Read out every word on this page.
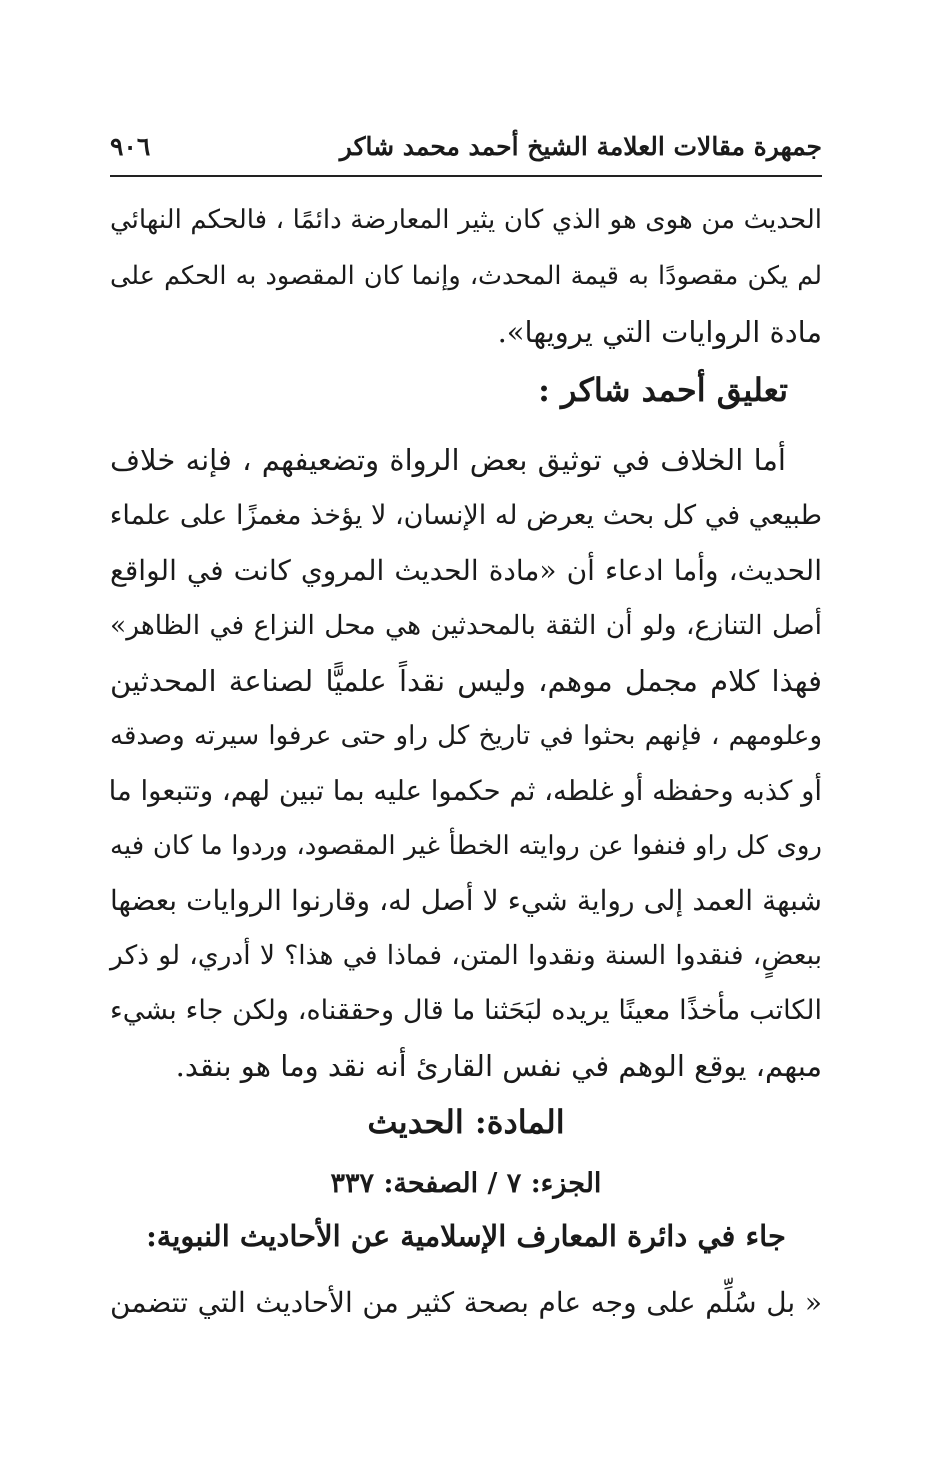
جمهرة مقالات العلامة الشيخ أحمد محمد شاكر
٩٠٦
الحديث من هوى هو الذي كان يثير المعارضة دائمًا ، فالحكم النهائي
لم يكن مقصودًا به قيمة المحدث، وإنما كان المقصود به الحكم على
مادة الروايات التي يرويها».
تعليق أحمد شاكر :
أما الخلاف في توثيق بعض الرواة وتضعيفهم ، فإنه خلاف
طبيعي في كل بحث يعرض له الإنسان، لا يؤخذ مغمزًا على علماء
الحديث، وأما ادعاء أن «مادة الحديث المروي كانت في الواقع
أصل التنازع، ولو أن الثقة بالمحدثين هي محل النزاع في الظاهر»
فهذا كلام مجمل موهم، وليس نقداً علميًّا لصناعة المحدثين
وعلومهم ، فإنهم بحثوا في تاريخ كل راو حتى عرفوا سيرته وصدقه
أو كذبه وحفظه أو غلطه، ثم حكموا عليه بما تبين لهم، وتتبعوا ما
روى كل راو فنفوا عن روايته الخطأ غير المقصود، وردوا ما كان فيه
شبهة العمد إلى رواية شيء لا أصل له، وقارنوا الروايات بعضها
ببعضٍ، فنقدوا السنة ونقدوا المتن، فماذا في هذا؟ لا أدري، لو ذكر
الكاتب مأخذًا معينًا يريده لبَحَثنا ما قال وحققناه، ولكن جاء بشيء
مبهم، يوقع الوهم في نفس القارئ أنه نقد وما هو بنقد.
المادة: الحديث
الجزء: ٧ / الصفحة: ٣٣٧
جاء في دائرة المعارف الإسلامية عن الأحاديث النبوية:
« بل سُلِّم على وجه عام بصحة كثير من الأحاديث التي تتضمن
